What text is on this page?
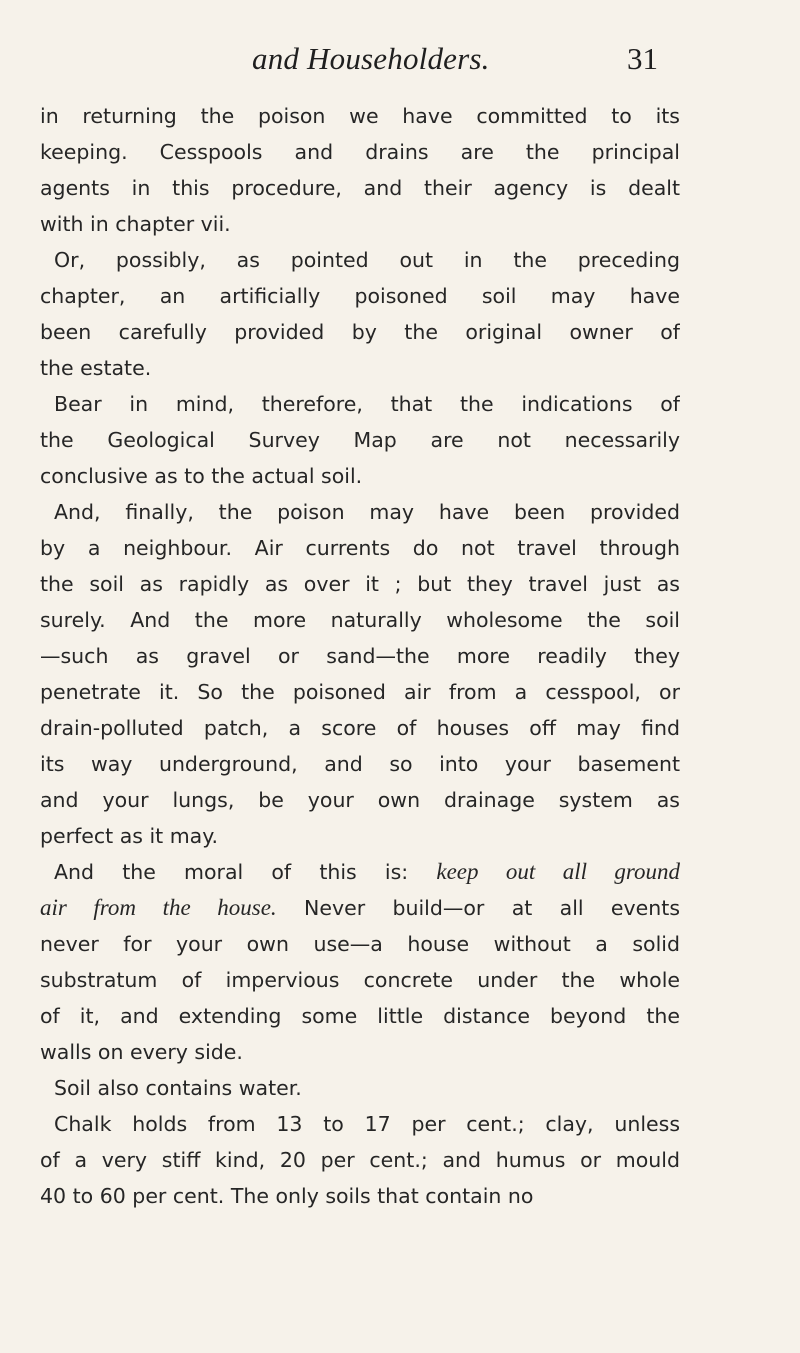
and Householders.	31
in returning the poison we have committed to its
keeping. Cesspools and drains are the principal
agents in this procedure, and their agency is dealt
with in chapter vii.
Or, possibly, as pointed out in the preceding
chapter, an artificially poisoned soil may have
been carefully provided by the original owner of
the estate.
Bear in mind, therefore, that the indications of
the Geological Survey Map are not necessarily
conclusive as to the actual soil.
And, finally, the poison may have been provided
by a neighbour. Air currents do not travel through
the soil as rapidly as over it ; but they travel just as
surely. And the more naturally wholesome the soil
—such as gravel or sand—the more readily they
penetrate it. So the poisoned air from a cesspool, or
drain-polluted patch, a score of houses off may find
its way underground, and so into your basement
and your lungs, be your own drainage system as
perfect as it may.
And the moral of this is: keep out all ground
air from the house. Never build—or at all events
never for your own use—a house without a solid
substratum of impervious concrete under the whole
of it, and extending some little distance beyond the
walls on every side.
Soil also contains water.
Chalk holds from 13 to 17 per cent.; clay, unless
of a very stiff kind, 20 per cent.; and humus or mould
40 to 60 per cent. The only soils that contain no
